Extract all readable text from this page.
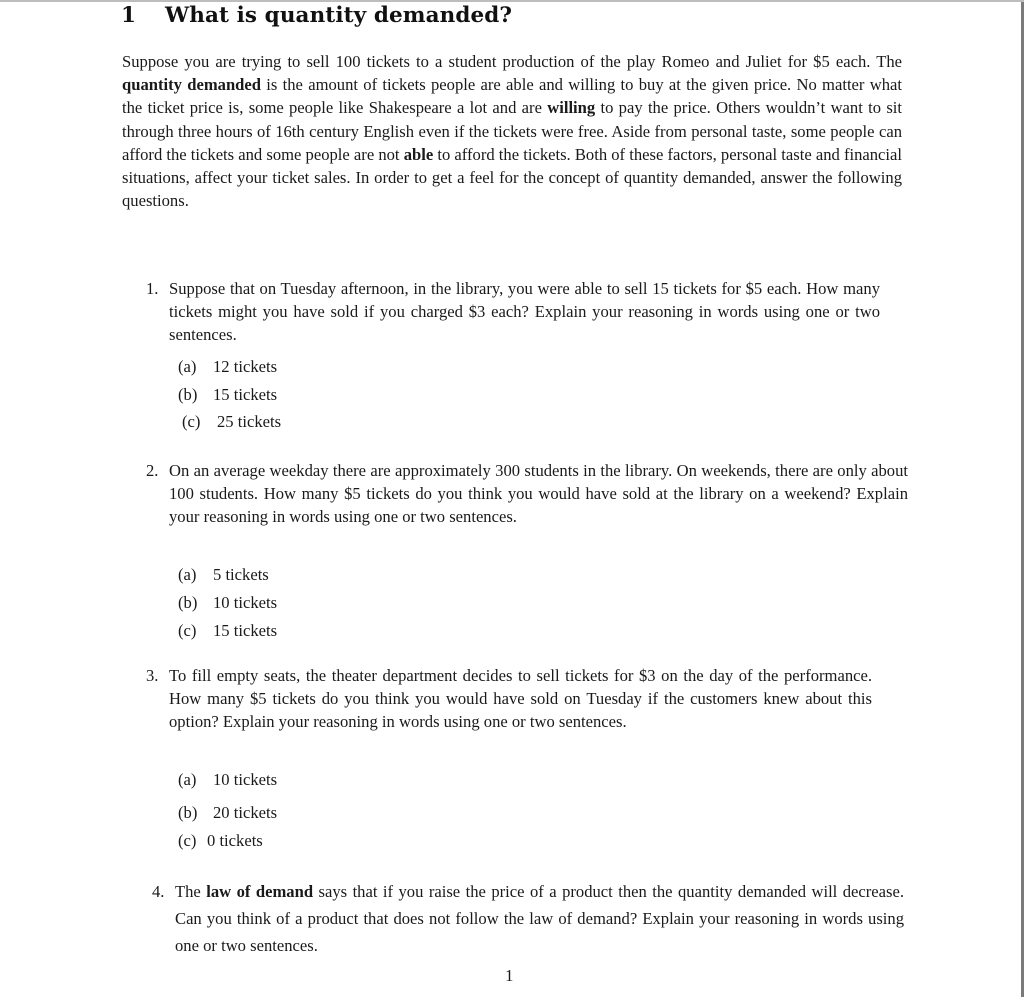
1 What is quantity demanded?
Suppose you are trying to sell 100 tickets to a student production of the play Romeo and Juliet for $5 each. The quantity demanded is the amount of tickets people are able and willing to buy at the given price. No matter what the ticket price is, some people like Shakespeare a lot and are willing to pay the price. Others wouldn’t want to sit through three hours of 16th century English even if the tickets were free. Aside from personal taste, some people can afford the tickets and some people are not able to afford the tickets. Both of these factors, personal taste and financial situations, affect your ticket sales. In order to get a feel for the concept of quantity demanded, answer the following questions.
1. Suppose that on Tuesday afternoon, in the library, you were able to sell 15 tickets for $5 each. How many tickets might you have sold if you charged $3 each? Explain your reasoning in words using one or two sentences.
(a) 12 tickets
(b) 15 tickets
(c) 25 tickets
2. On an average weekday there are approximately 300 students in the library. On weekends, there are only about 100 students. How many $5 tickets do you think you would have sold at the library on a weekend? Explain your reasoning in words using one or two sentences.
(a) 5 tickets
(b) 10 tickets
(c) 15 tickets
3. To fill empty seats, the theater department decides to sell tickets for $3 on the day of the performance. How many $5 tickets do you think you would have sold on Tuesday if the customers knew about this option? Explain your reasoning in words using one or two sentences.
(a) 10 tickets
(b) 20 tickets
(c) 0 tickets
4. The law of demand says that if you raise the price of a product then the quantity demanded will decrease. Can you think of a product that does not follow the law of demand? Explain your reasoning in words using one or two sentences.
1
